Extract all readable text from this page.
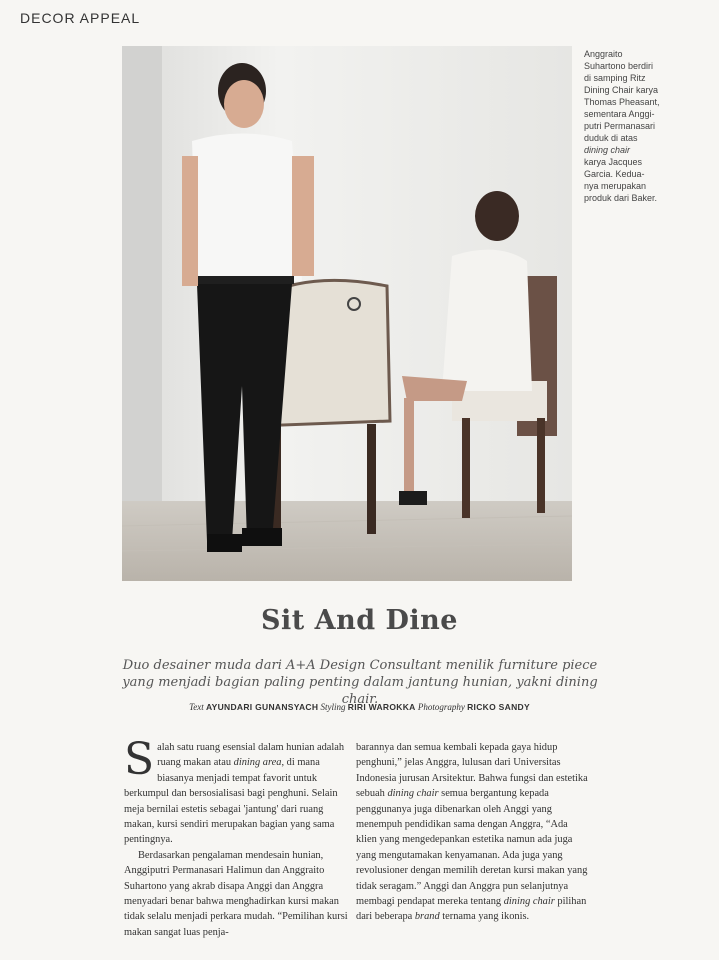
DECOR APPEAL
Anggraito
Suhartono berdiri
di samping Ritz
Dining Chair karya
Thomas Pheasant,
sementara Anggi-
putri Permanasari
duduk di atas
dining chair
karya Jacques
Garcia. Kedua-
nya merupakan
produk dari Baker.
Sit And Dine
Duo desainer muda dari A+A Design Consultant menilik furniture piece yang menjadi bagian paling penting dalam jantung hunian, yakni dining chair.
Text AYUNDARI GUNANSYACH Styling RIRI WAROKKA Photography RICKO SANDY

Salah satu ruang esensial dalam hunian adalah ruang makan atau dining area, di mana biasanya menjadi tempat favorit untuk berkumpul dan bersosialisasi bagi penghuni. Selain meja bernilai estetis sebagai 'jantung' dari ruang makan, kursi sendiri merupakan bagian yang sama pentingnya.

Berdasarkan pengalaman mendesain hunian, Anggiputri Permanasari Halimun dan Anggraito Suhartono yang akrab disapa Anggi dan Anggra menyadari benar bahwa menghadirkan kursi makan tidak selalu menjadi perkara mudah. “Pemilihan kursi makan sangat luas penja-

barannya dan semua kembali kepada gaya hidup penghuni,” jelas Anggra, lulusan dari Universitas Indonesia jurusan Arsitektur. Bahwa fungsi dan estetika sebuah dining chair semua bergantung kepada penggunanya juga dibenarkan oleh Anggi yang menempuh pendidikan sama dengan Anggra, “Ada klien yang mengedepankan estetika namun ada juga yang mengutamakan kenyamanan. Ada juga yang revolusioner dengan memilih deretan kursi makan yang tidak seragam.” Anggi dan Anggra pun selanjutnya membagi pendapat mereka tentang dining chair pilihan dari beberapa brand ternama yang ikonis.
